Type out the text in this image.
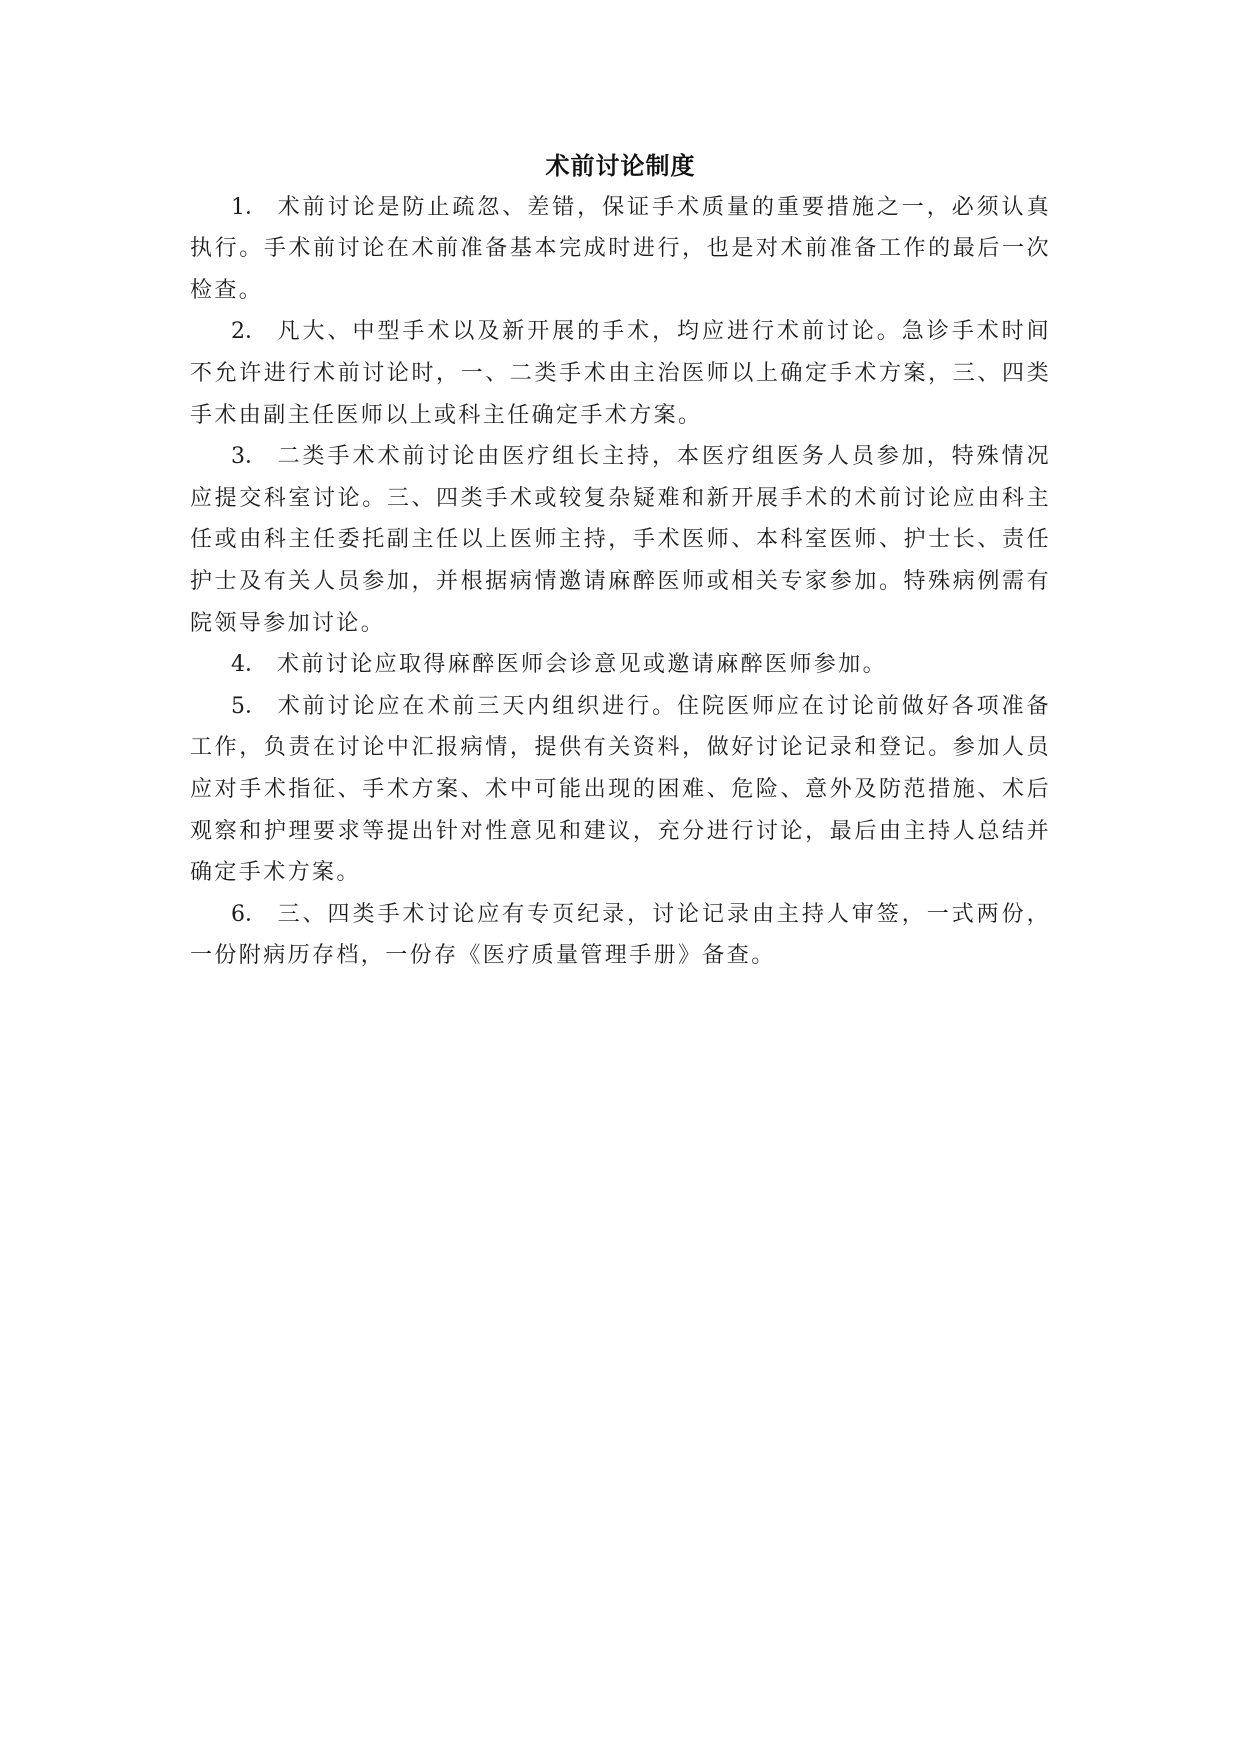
术前讨论制度
1． 术前讨论是防止疏忽、差错，保证手术质量的重要措施之一，必须认真
执行。手术前讨论在术前准备基本完成时进行，也是对术前准备工作的最后一次
检查。
2． 凡大、中型手术以及新开展的手术，均应进行术前讨论。急诊手术时间
不允许进行术前讨论时，一、二类手术由主治医师以上确定手术方案，三、四类
手术由副主任医师以上或科主任确定手术方案。
3． 二类手术术前讨论由医疗组长主持，本医疗组医务人员参加，特殊情况
应提交科室讨论。三、四类手术或较复杂疑难和新开展手术的术前讨论应由科主
任或由科主任委托副主任以上医师主持，手术医师、本科室医师、护士长、责任
护士及有关人员参加，并根据病情邀请麻醉医师或相关专家参加。特殊病例需有
院领导参加讨论。
4． 术前讨论应取得麻醉医师会诊意见或邀请麻醉医师参加。
5． 术前讨论应在术前三天内组织进行。住院医师应在讨论前做好各项准备
工作，负责在讨论中汇报病情，提供有关资料，做好讨论记录和登记。参加人员
应对手术指征、手术方案、术中可能出现的困难、危险、意外及防范措施、术后
观察和护理要求等提出针对性意见和建议，充分进行讨论，最后由主持人总结并
确定手术方案。
6． 三、四类手术讨论应有专页纪录，讨论记录由主持人审签，一式两份，
一份附病历存档，一份存《医疗质量管理手册》备查。
